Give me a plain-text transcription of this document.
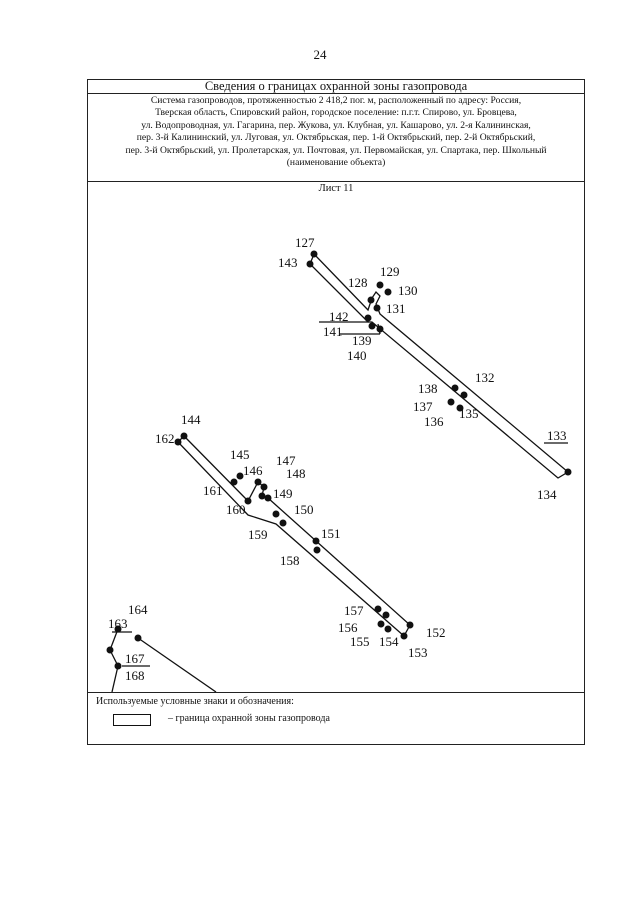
24
Сведения о границах охранной зоны газопровода
Система газопроводов, протяженностью 2 418,2 пог. м, расположенный по адресу: Россия,
Тверская область, Спировский район, городское поселение: п.г.т. Спирово, ул. Бровцева,
ул. Водопроводная, ул. Гагарина, пер. Жукова, ул. Клубная, ул. Кашарово, ул. 2-я Калининская,
пер. 3-й Калининский, ул. Луговая, ул. Октябрьская, пер. 1-й Октябрьский, пер. 2-й Октябрьский,
пер. 3-й Октябрьский, ул. Пролетарская, ул. Почтовая, ул. Первомайская, ул. Спартака, пер. Школьный
(наименование объекта)
Лист 11
127
143
128
129
130
131
142
141
139
140
138
132
137 135
136
133
134
144
162
145 147
146 148
161	149
160	150
159	151
158
157
156
155 154
152
153
164
163
167
168
Используемые условные знаки и обозначения:
– граница охранной зоны газопровода
